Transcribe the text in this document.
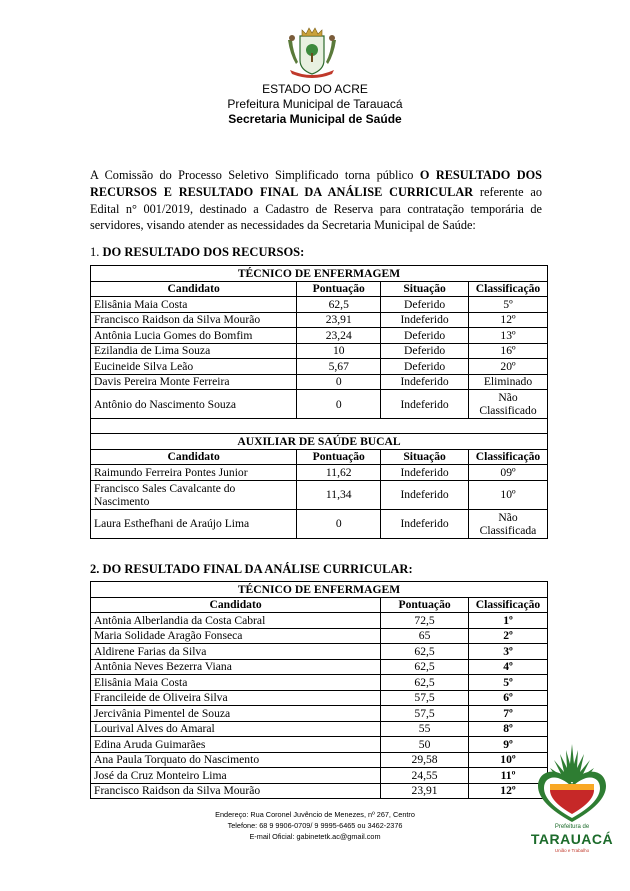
ESTADO DO ACRE
Prefeitura Municipal de Tarauacá
Secretaria Municipal de Saúde
A Comissão do Processo Seletivo Simplificado torna público O RESULTADO DOS RECURSOS E RESULTADO FINAL DA ANÁLISE CURRICULAR referente ao Edital n° 001/2019, destinado a Cadastro de Reserva para contratação temporária de servidores, visando atender as necessidades da Secretaria Municipal de Saúde:
1. DO RESULTADO DOS RECURSOS:
TÉCNICO DE ENFERMAGEM			
Candidato	Pontuação	Situação	Classificação
Elisânia Maia Costa	62,5	Deferido	5º
Francisco Raidson da Silva Mourão	23,91	Indeferido	12º
Antônia Lucia Gomes do Bomfim	23,24	Deferido	13º
Ezilandia de Lima Souza	10	Deferido	16º
Eucineide Silva Leão	5,67	Deferido	20º
Davis Pereira Monte Ferreira	0	Indeferido	Eliminado
Antônio do Nascimento Souza	0	Indeferido	Não Classificado

AUXILIAR DE SAÚDE BUCAL			
Candidato	Pontuação	Situação	Classificação
Raimundo Ferreira Pontes Junior	11,62	Indeferido	09º
Francisco Sales Cavalcante do Nascimento	11,34	Indeferido	10º
Laura Esthefhani de Araújo Lima	0	Indeferido	Não Classificada
2. DO RESULTADO FINAL DA ANÁLISE CURRICULAR:
TÉCNICO DE ENFERMAGEM		
Candidato	Pontuação	Classificação
Antônia Alberlandia da Costa Cabral	72,5	1º
Maria Solidade Aragão Fonseca	65	2º
Aldirene Farias da Silva	62,5	3º
Antônia Neves Bezerra Viana	62,5	4º
Elisânia Maia Costa	62,5	5º
Francileide de Oliveira Silva	57,5	6º
Jercivânia Pimentel de Souza	57,5	7º
Lourival Alves do Amaral	55	8º
Edina Aruda Guimarães	50	9º
Ana Paula Torquato do Nascimento	29,58	10º
José da Cruz Monteiro Lima	24,55	11º
Francisco Raidson da Silva Mourão	23,91	12º
Endereço: Rua Coronel Juvêncio de Menezes, nº 267, Centro
Telefone: 68 9 9906-0709/ 9 9995-6465 ou 3462-2376
E-mail Oficial: gabinetetk.ac@gmail.com
Prefeitura de
TARAUACÁ
União e Trabalho
